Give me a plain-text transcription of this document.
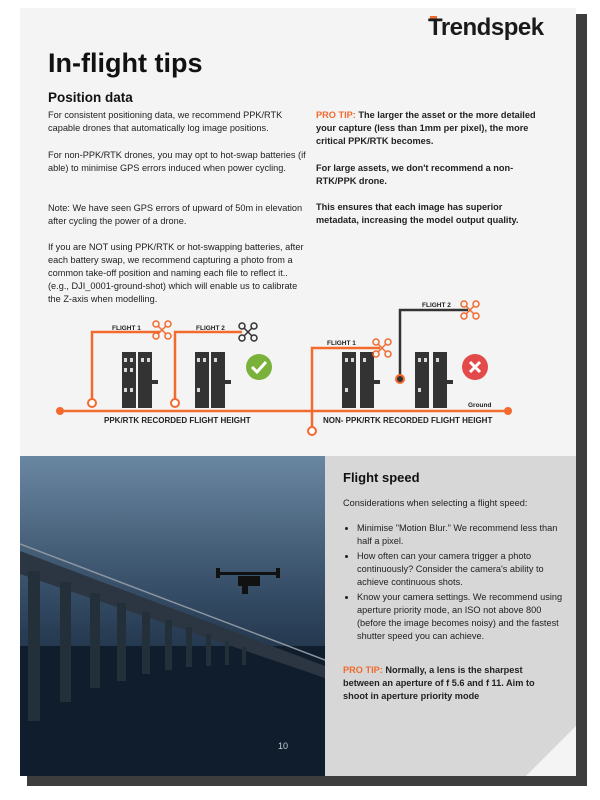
Trendspek
In-flight tips
Position data

For consistent positioning data, we recommend PPK/RTK capable drones that automatically log image positions.

For non-PPK/RTK drones, you may opt to hot-swap batteries (if able) to minimise GPS errors induced when power cycling.

Note: We have seen GPS errors of upward of 50m in elevation after cycling the power of a drone.

If you are NOT using PPK/RTK or hot-swapping batteries, after each battery swap, we recommend capturing a photo from a common take-off position and naming each file to reflect it.. (e.g., DJI_0001-ground-shot) which will enable us to calibrate the Z-axis when modelling.

PRO TIP: The larger the asset or the more detailed your capture (less than 1mm per pixel), the more critical PPK/RTK becomes.

For large assets, we don't recommend a non-RTK/PPK drone.

This ensures that each image has superior metadata, increasing the model output quality.

FLIGHT 1	FLIGHT 2
FLIGHT 1
FLIGHT 2
Ground
PPK/RTK RECORDED FLIGHT HEIGHT	NON- PPK/RTK RECORDED FLIGHT HEIGHT
10
Flight speed

Considerations when selecting a flight speed:

• Minimise "Motion Blur." We recommend less than half a pixel.
• How often can your camera trigger a photo continuously? Consider the camera's ability to achieve continuous shots.
• Know your camera settings. We recommend using aperture priority mode, an ISO not above 800 (before the image becomes noisy) and the fastest shutter speed you can achieve.

PRO TIP: Normally, a lens is the sharpest between an aperture of f 5.6 and f 11. Aim to shoot in aperture priority mode
